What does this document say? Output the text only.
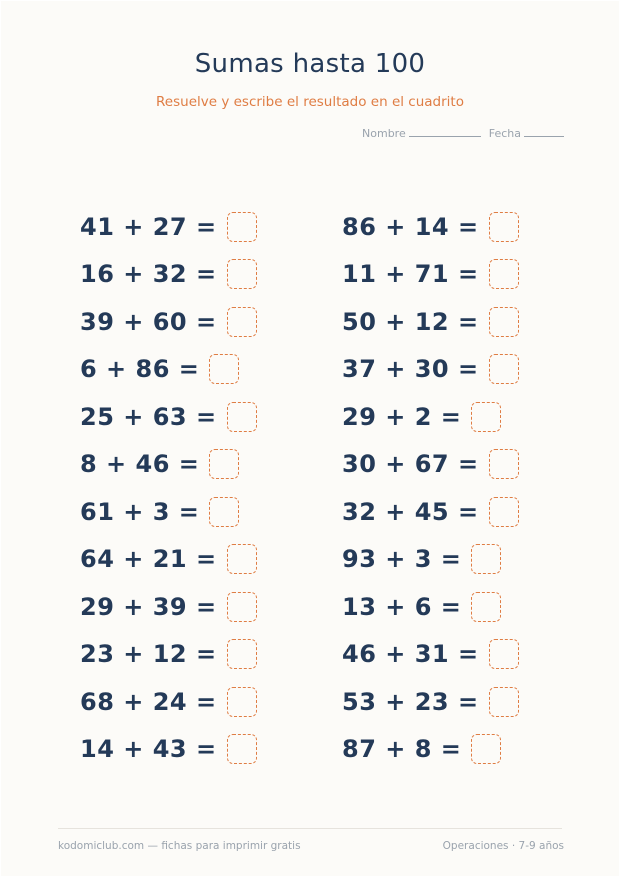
Sumas hasta 100
Resuelve y escribe el resultado en el cuadrito
Nombre	Fecha
41 + 27 =
16 + 32 =
39 + 60 =
6 + 86 =
25 + 63 =
8 + 46 =
61 + 3 =
64 + 21 =
29 + 39 =
23 + 12 =
68 + 24 =
14 + 43 =
86 + 14 =
11 + 71 =
50 + 12 =
37 + 30 =
29 + 2 =
30 + 67 =
32 + 45 =
93 + 3 =
13 + 6 =
46 + 31 =
53 + 23 =
87 + 8 =
kodomiclub.com — fichas para imprimir gratis	Operaciones · 7-9 años
